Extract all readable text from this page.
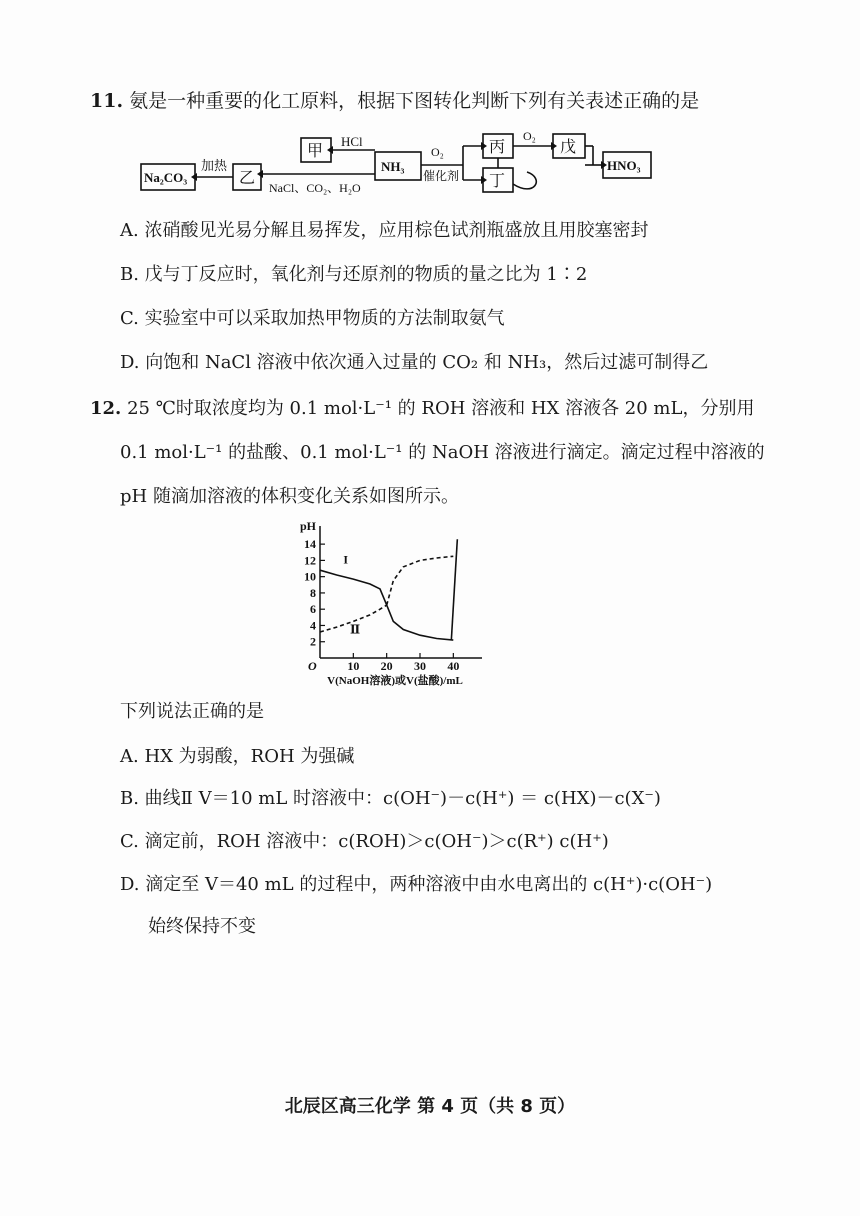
11. 氨是一种重要的化工原料，根据下图转化判断下列有关表述正确的是
Na₂CO₃
加热
乙
NaCl、CO₂、H₂O
甲
HCl
NH₃
O₂
催化剂
丙
O₂
戊
丁
HNO₃
A. 浓硝酸见光易分解且易挥发，应用棕色试剂瓶盛放且用胶塞密封
B. 戊与丁反应时，氧化剂与还原剂的物质的量之比为 1∶2
C. 实验室中可以采取加热甲物质的方法制取氨气
D. 向饱和 NaCl 溶液中依次通入过量的 CO₂ 和 NH₃，然后过滤可制得乙
12. 25 ℃时取浓度均为 0.1 mol·L⁻¹ 的 ROH 溶液和 HX 溶液各 20 mL，分别用
0.1 mol·L⁻¹ 的盐酸、0.1 mol·L⁻¹ 的 NaOH 溶液进行滴定。滴定过程中溶液的
pH 随滴加溶液的体积变化关系如图所示。
2
4
6
8
10
12
14
10 20 30 40
pH
O
V(NaOH溶液)或V(盐酸)/mL
I
Ⅱ
下列说法正确的是
A. HX 为弱酸，ROH 为强碱
B. 曲线Ⅱ V＝10 mL 时溶液中：c(OH⁻)－c(H⁺) ＝ c(HX)－c(X⁻)
C. 滴定前，ROH 溶液中：c(ROH)＞c(OH⁻)＞c(R⁺) c(H⁺)
D. 滴定至 V＝40 mL 的过程中，两种溶液中由水电离出的 c(H⁺)·c(OH⁻)
始终保持不变
北辰区高三化学 第 4 页（共 8 页）
